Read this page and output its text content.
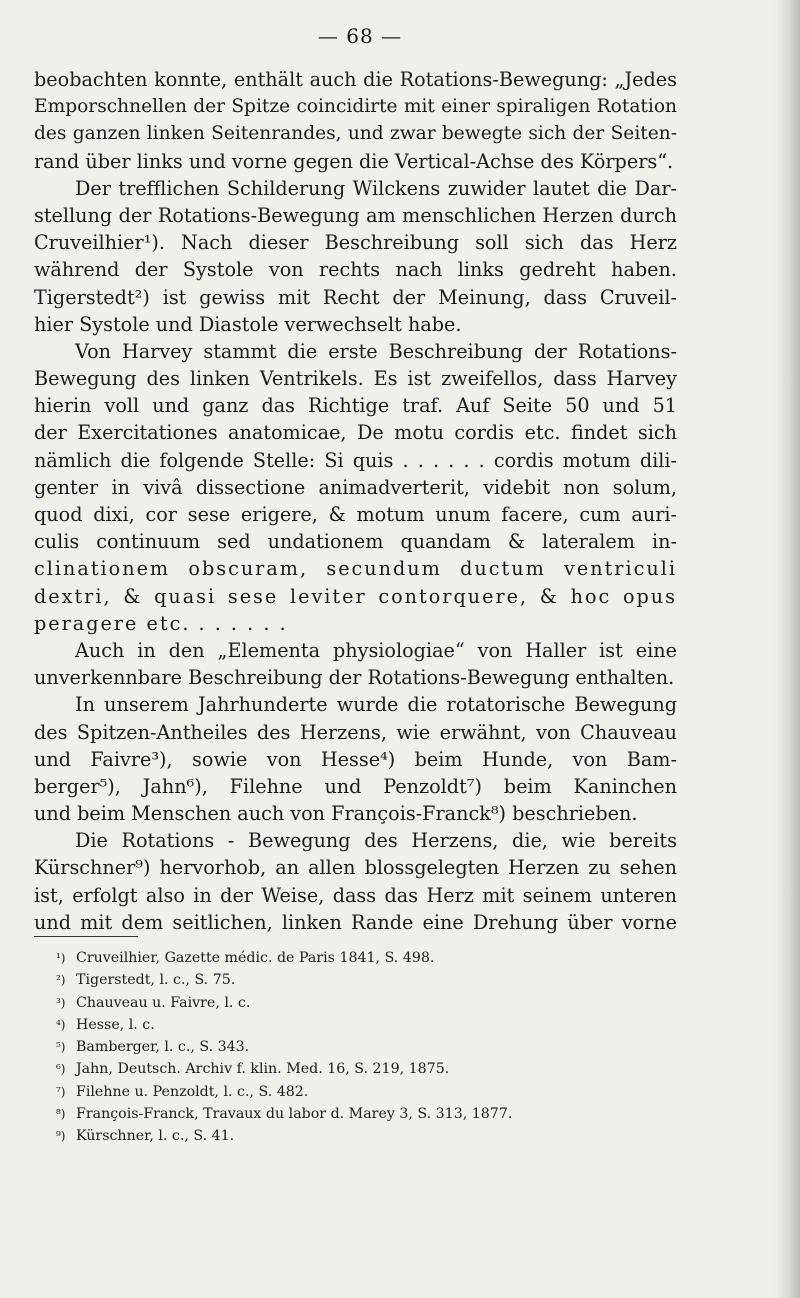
— 68 —
beobachten konnte, enthält auch die Rotations-Bewegung: „Jedes
Emporschnellen der Spitze coincidirte mit einer spiraligen Rotation
des ganzen linken Seitenrandes, und zwar bewegte sich der Seiten-
rand über links und vorne gegen die Vertical-Achse des Körpers“.
Der trefflichen Schilderung Wilckens zuwider lautet die Dar-
stellung der Rotations-Bewegung am menschlichen Herzen durch
Cruveilhier¹). Nach dieser Beschreibung soll sich das Herz
während der Systole von rechts nach links gedreht haben.
Tigerstedt²) ist gewiss mit Recht der Meinung, dass Cruveil-
hier Systole und Diastole verwechselt habe.
Von Harvey stammt die erste Beschreibung der Rotations-
Bewegung des linken Ventrikels. Es ist zweifellos, dass Harvey
hierin voll und ganz das Richtige traf. Auf Seite 50 und 51
der Exercitationes anatomicae, De motu cordis etc. findet sich
nämlich die folgende Stelle: Si quis . . . . . . cordis motum dili-
genter in vivâ dissectione animadverterit, videbit non solum,
quod dixi, cor sese erigere, & motum unum facere, cum auri-
culis continuum sed undationem quandam & lateralem in-
clinationem obscuram, secundum ductum ventriculi
dextri, & quasi sese leviter contorquere, & hoc opus
peragere etc. . . . . . .
Auch in den „Elementa physiologiae“ von Haller ist eine
unverkennbare Beschreibung der Rotations-Bewegung enthalten.
In unserem Jahrhunderte wurde die rotatorische Bewegung
des Spitzen-Antheiles des Herzens, wie erwähnt, von Chauveau
und Faivre³), sowie von Hesse⁴) beim Hunde, von Bam-
berger⁵), Jahn⁶), Filehne und Penzoldt⁷) beim Kaninchen
und beim Menschen auch von François-Franck⁸) beschrieben.
Die Rotations - Bewegung des Herzens, die, wie bereits
Kürschner⁹) hervorhob, an allen blossgelegten Herzen zu sehen
ist, erfolgt also in der Weise, dass das Herz mit seinem unteren
und mit dem seitlichen, linken Rande eine Drehung über vorne
¹) Cruveilhier, Gazette médic. de Paris 1841, S. 498.
²) Tigerstedt, l. c., S. 75.
³) Chauveau u. Faivre, l. c.
⁴) Hesse, l. c.
⁵) Bamberger, l. c., S. 343.
⁶) Jahn, Deutsch. Archiv f. klin. Med. 16, S. 219, 1875.
⁷) Filehne u. Penzoldt, l. c., S. 482.
⁸) François-Franck, Travaux du labor d. Marey 3, S. 313, 1877.
⁹) Kürschner, l. c., S. 41.
